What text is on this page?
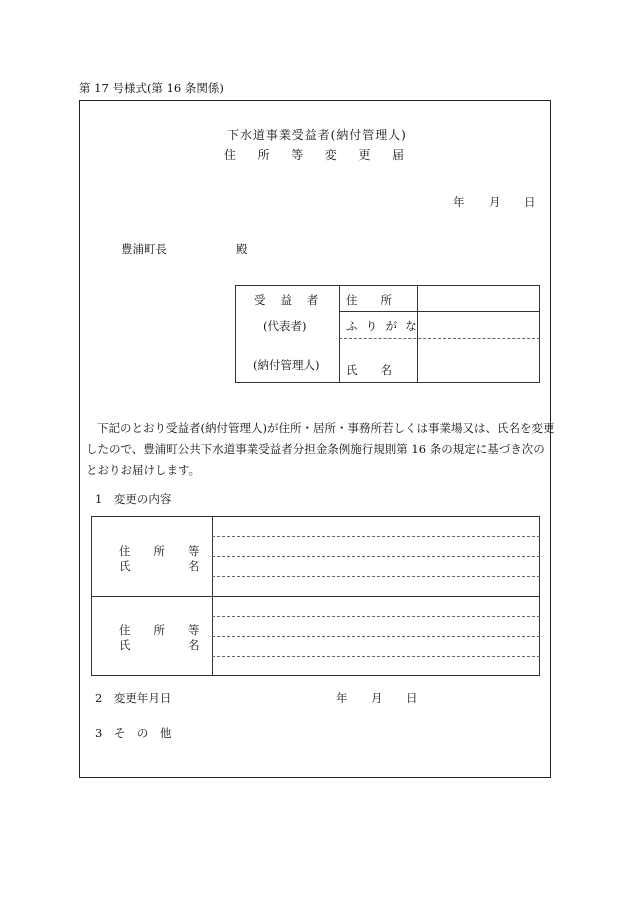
第 17 号様式(第 16 条関係)
下水道事業受益者(納付管理人)
住　所　等　変　更　届
年 月 日
豊浦町長	殿
受　益　者
(代表者)
(納付管理人)
住　　所
ふ り が な
氏　　名
下記のとおり受益者(納付管理人)が住所・居所・事務所若しくは事業場又は、氏名を変更したので、豊浦町公共下水道事業受益者分担金条例施行規則第 16 条の規定に基づき次のとおりお届けします。
1　変更の内容
住　　所　　等
氏　　　　　名
住　　所　　等
氏　　　　　名
2　変更年月日	年 月 日
3　そ　の　他
